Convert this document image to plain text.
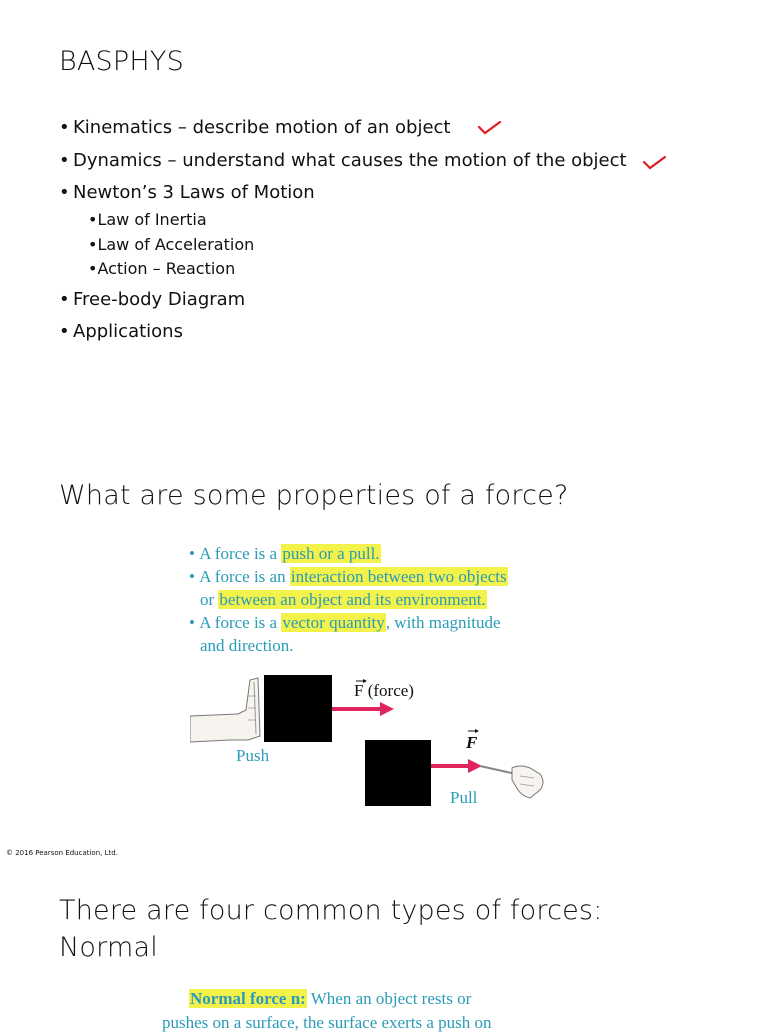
BASPHYS
• Kinematics – describe motion of an object
• Dynamics – understand what causes the motion of the object
• Newton’s 3 Laws of Motion
•Law of Inertia
•Law of Acceleration
•Action – Reaction
• Free-body Diagram
• Applications
What are some properties of a force?
• A force is a push or a pull.
• A force is an interaction between two objects
or between an object and its environment.
• A force is a vector quantity, with magnitude
and direction.
F (force)
F
Push
Pull
© 2016 Pearson Education, Ltd.
There are four common types of forces:
Normal
Normal force n: When an object rests or
pushes on a surface, the surface exerts a push on
